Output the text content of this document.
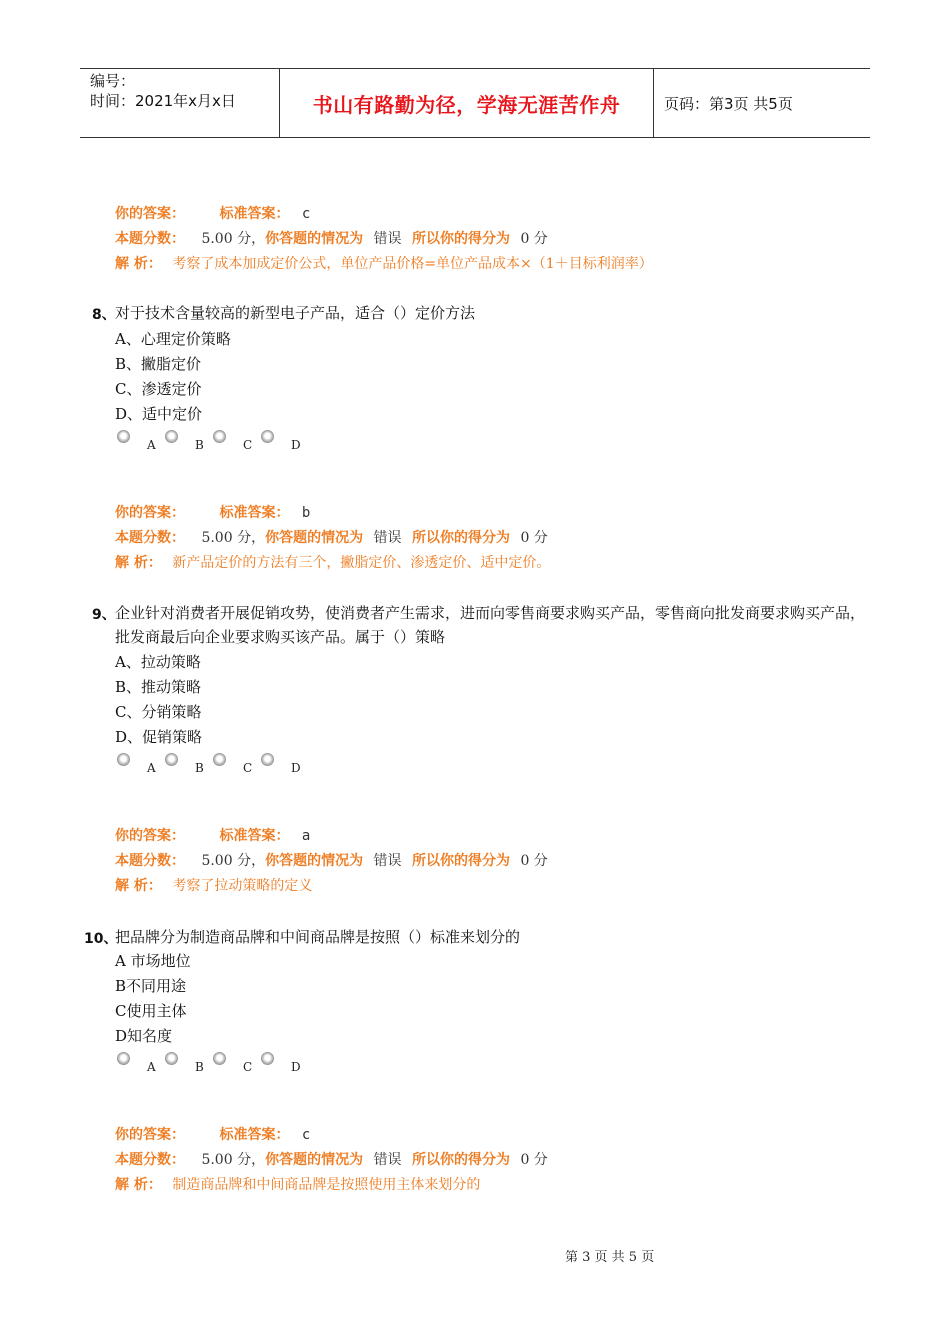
编号：
时间：2021年x月x日	书山有路勤为径，学海无涯苦作舟	页码：第3页 共5页
你的答案： 标准答案： c
本题分数： 5.00 分，你答题的情况为 错误 所以你的得分为 0 分
解 析： 考察了成本加成定价公式，单位产品价格=单位产品成本×（1＋目标利润率）
8、 对于技术含量较高的新型电子产品，适合（）定价方法
A、心理定价策略
B、撇脂定价
C、渗透定价
D、适中定价
A	B	C	D
你的答案： 标准答案： b
本题分数： 5.00 分，你答题的情况为 错误 所以你的得分为 0 分
解 析： 新产品定价的方法有三个，撇脂定价、渗透定价、适中定价。
9、 企业针对消费者开展促销攻势，使消费者产生需求，进而向零售商要求购买产品，零售商向批发商要求购买产品，批发商最后向企业要求购买该产品。属于（）策略
A、拉动策略
B、推动策略
C、分销策略
D、促销策略
A	B	C	D
你的答案： 标准答案： a
本题分数： 5.00 分，你答题的情况为 错误 所以你的得分为 0 分
解 析： 考察了拉动策略的定义
10、
把品牌分为制造商品牌和中间商品牌是按照（）标准来划分的
A 市场地位
B不同用途
C使用主体
D知名度
A	B	C	D
你的答案： 标准答案： c
本题分数： 5.00 分，你答题的情况为 错误 所以你的得分为 0 分
解 析： 制造商品牌和中间商品牌是按照使用主体来划分的
第 3 页 共 5 页
